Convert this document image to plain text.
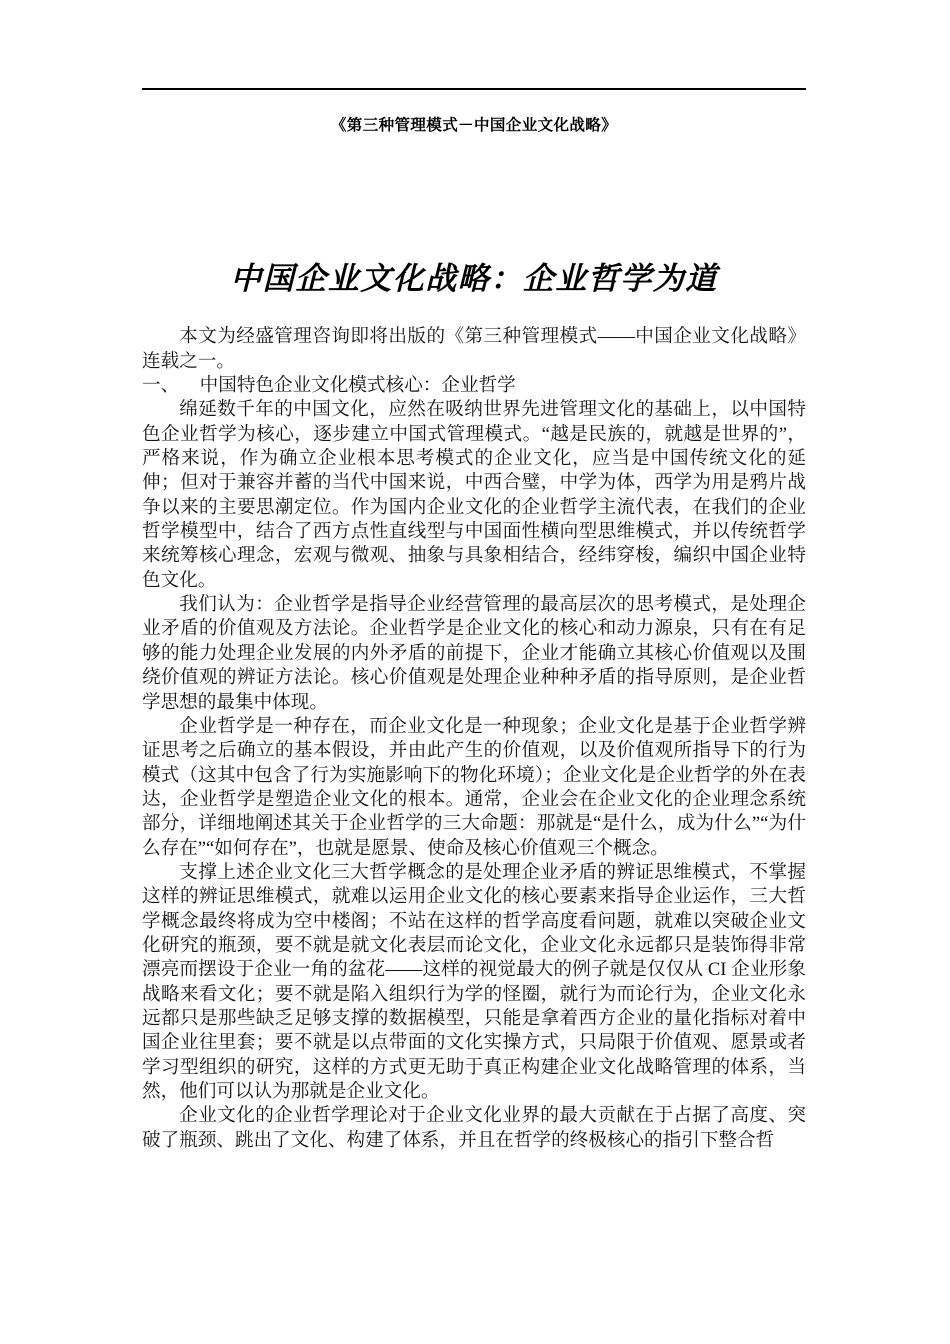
《第三种管理模式－中国企业文化战略》
中国企业文化战略：企业哲学为道

本文为经盛管理咨询即将出版的《第三种管理模式——中国企业文化战略》连载之一。

一、 中国特色企业文化模式核心：企业哲学

绵延数千年的中国文化，应然在吸纳世界先进管理文化的基础上，以中国特色企业哲学为核心，逐步建立中国式管理模式。“越是民族的，就越是世界的”，严格来说，作为确立企业根本思考模式的企业文化，应当是中国传统文化的延伸；但对于兼容并蓄的当代中国来说，中西合璧，中学为体，西学为用是鸦片战争以来的主要思潮定位。作为国内企业文化的企业哲学主流代表，在我们的企业哲学模型中，结合了西方点性直线型与中国面性横向型思维模式，并以传统哲学来统筹核心理念，宏观与微观、抽象与具象相结合，经纬穿梭，编织中国企业特色文化。

我们认为：企业哲学是指导企业经营管理的最高层次的思考模式，是处理企业矛盾的价值观及方法论。企业哲学是企业文化的核心和动力源泉，只有在有足够的能力处理企业发展的内外矛盾的前提下，企业才能确立其核心价值观以及围绕价值观的辨证方法论。核心价值观是处理企业种种矛盾的指导原则，是企业哲学思想的最集中体现。

企业哲学是一种存在，而企业文化是一种现象；企业文化是基于企业哲学辨证思考之后确立的基本假设，并由此产生的价值观，以及价值观所指导下的行为模式（这其中包含了行为实施影响下的物化环境）；企业文化是企业哲学的外在表达，企业哲学是塑造企业文化的根本。通常，企业会在企业文化的企业理念系统部分，详细地阐述其关于企业哲学的三大命题：那就是“是什么，成为什么”“为什么存在”“如何存在”，也就是愿景、使命及核心价值观三个概念。

支撑上述企业文化三大哲学概念的是处理企业矛盾的辨证思维模式，不掌握这样的辨证思维模式，就难以运用企业文化的核心要素来指导企业运作，三大哲学概念最终将成为空中楼阁；不站在这样的哲学高度看问题，就难以突破企业文化研究的瓶颈，要不就是就文化表层而论文化，企业文化永远都只是装饰得非常漂亮而摆设于企业一角的盆花——这样的视觉最大的例子就是仅仅从 CI 企业形象战略来看文化；要不就是陷入组织行为学的怪圈，就行为而论行为，企业文化永远都只是那些缺乏足够支撑的数据模型，只能是拿着西方企业的量化指标对着中国企业往里套；要不就是以点带面的文化实操方式，只局限于价值观、愿景或者学习型组织的研究，这样的方式更无助于真正构建企业文化战略管理的体系，当然，他们可以认为那就是企业文化。

企业文化的企业哲学理论对于企业文化业界的最大贡献在于占据了高度、突破了瓶颈、跳出了文化、构建了体系，并且在哲学的终极核心的指引下整合哲
